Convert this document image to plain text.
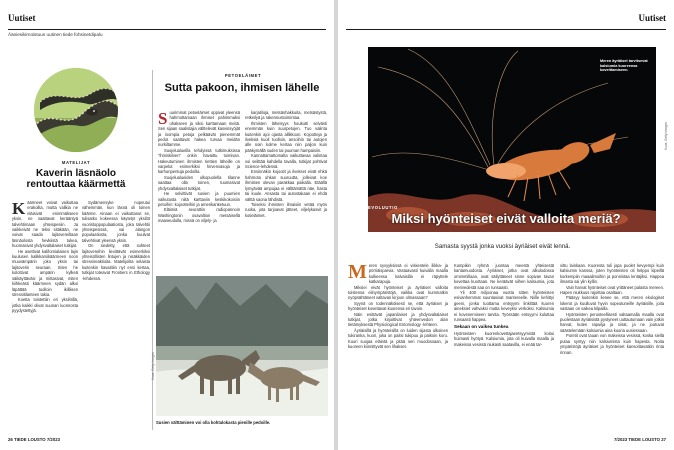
Uutiset
Ääniesikirnoistuun uutinen tiede fohsinetdipalu
MATELIJAT
Kaverin läsnäolo rentouttaa käärmettä

Käärmeet voivat vaikuttaa erakoilta, mutta valikia ne eläisivät enimmäkseen yksin, ne saattavat kerääntyä talvehtimaan yhteispesiin. Ja vaikkeivät ne teksi sitäkään, ne voivat saada lajitovereiltaan läsnäolosta hevkiistä tukea, huomasivat yhdysvaltalaiset tutkijat.

He asettivat kalifornialaisen lajin kuulusen kalikkarsikäärmeen noon muuvämpärin joko yksin tai lajitoverin seuraan. Siten he kolottivat ampärin kylkeä säikäyttäväsi ja mittasivat, miten kiihkeästi käärmeen sydän alkoi läpättää tuolloin ikilliisen stressitilanteen takia.

Koetta toistettiin eri yksilöillä, jotka kaikki olivat suunan luonnosta pyydystettyjä.

Sydämensyke nopeutui vähemmän, kun läsnä oli toinen käärme. Ainaan ei vaikuttanut se, tulisatko kokeessa käytetyt yksilöt vuoristoppopulaatiosta, joka talvehtii yhteispesissä, vai alangon populaatiosta, jonka kuulvat talvehtivat yleensä yksin.

On siedetty, että suhteet lajitovereihin lievittävät esimerkiksi yhteisöllisten lintujen ja nisäkkäiden stressireaktioita. Matelijoilta selaista kuitenkin havaittiin nyt ensi kertaa, tutkijat toteavat Frontiers in Ethology -lehdessä.

PETOELÄIMET
Sutta pakoon, ihmisen lähelle

Suurimmat petoeläimet oppivat yleensä hahmottamaan ihmiset pahimmaksi uhakseen ja siksi karttamaan meitä. Sen sijaan saalistajia välttelevät kasvinsyöjät ja isompia petoja pelkäävät pienemmät pedot saattavat hakea turvaa meidän nurkiltamme.

Suojelualueilla tehdyissä tutkimuksissa "ihmiskilven" onkin havaittu toimivan. Hakeutuminen ihmisten tiettien läheille on varpelut esimerkiksi hirvenvasoja ja karhunpentuja pedoilta.

Suojelualueiden ulkopuolella tilanne saattaa olla toinen, tuumasivat yhdysvaltalaiset tutkijat.

He selvittivät susien ja puumien vaikutusta niitä karttaviin keskikokoisiin petoihin: kojootteihin ja amerikanketuun.

Eläimiä seurattiin radiopannoin Washingtonin osavaltion metsäisellä maaseudulla, missä on viljely- ja

karjatiloja, metsänhakkuita, metsästystä, retkeilyä ja rakennustoimintaa.

Ihmisten läheisyys houkutti selvästi enemmän kuin suurpetojen. Tuo valinta kuitenkin ajoi ojasta allikkoon. Kojootteja ja ilveksiä kuoli tuolloin, ansoihin tai autojen alle noin kolme kertaa niin paljon kuin pääkymällä suden tai puuman hampaisiin.

Kannattamattomalta vaikuttavaa valintaa voi selittää kahdella tavalla, tutkijat pohtivat Science-lehdessä.

Ensinnäkin kojootit ja ilvekset eivät ehkä hahmota uhkan suuruutta, jolleivat koe ihmisten olevan parakkaa paikalla. Etäällä lymyävää ampujaa ei välttämättä näe, hasta tai kuule. Ansasta tai autostakaan ei ehdä välttä saona lähdistä.

Toiseksi ihmisten ilmaisiin vetää myös ruoka, jota tarjoavat jätteet, viljelykasvit ja kotieläimet.

Susien välttäminen voi olla kohtalokasta pienille pedoille.
Kuva: Getty Images
26 TIEDE LOUSTO 7/2023
Uutiset
Meren äyriäiset tarvitsevat kalsiumia kuoreensa koveittamiseen.
EVOLUUTIO
Miksi hyönteiset eivät valloita meriä?
Samasta syystä jonka vuoksi äyriäiset eivät lennä.

Meren syvyyksissä ei viskentele ilikka- ja pörriäisparvia. Vastaavasti kuivalla maalla kulkeessa kalvaisilla ei räpyttele katkarapuja.

Miksiei eivät hyönteiset ja äyriäiset valloita toistensa elinympäristöjä, vaikka ovat kummatkin nyöpsähtäneet valtavan kirjoon olmassaan?

Syynä on todennäköisesti se, että äyriäiset ja hyönteiset kovettavat kuorensa eri tavoin.

Näin esittävät japanilaiset ja yhdysvaltalaiset tutkijat, jotka kirjoittivat yhteenvedon alan tietämyksestä Physiological Entomology -lehteen.

Äyriäisillä ja hyönteisillä on luiden sijasta ulkoinen tukiranka, kuori, joka on paitsi tukipuu ja paikoin koru. Kuori suojaa eläintä ja pitää sen muodossaan, ja kuoreen kiinnittyvät sen lihakset.

Kumpikin ryhmä juontaa meestä yhteisestä kantamuodosta. Äyriäiset, jotka ovat alkulodossa omimmillaan, ovat säilyttäneet sinne sopivan tavan kovettaa kuortaan. Ne keräävät siihen kalsiumia, jota merivedestä saa on runsaasti.

Yli 400 miljoonaa vuotta sitten hyönteisten esivanhemmat suuntasivat mantereelle. Niille kehittyi geeni, jonka tuottama entsyymi linkittää kuoren aineksiet vahvaksi mutta keveyksi verkoksi. Kalsiumia ei kovenemiseen tarvita. Työssään entsyymi kuluttaa runsaasti happea.

Sekaan on vaikea tunkea

Hyönteisten kuorenkovettajaentsyymistä koitui huimasti hyötyä. Kalsiumia, jota oli kuivalla maalla ja makeissa vesissä niukasti saatavilla, ei enää tar-

vittu lainkaan. Kuoresta tuli jopa puolet kevyempi kuin kalsiumin kanssa, joten hyönteisten oli helppo kipeillä korkempiin maaailmoihin ja ponnistaa lentäjiksi. Happea ilmasta sai ylin kyllin.

Vain harvat hyönteiset ovat yrittäneet palasta mereen. Hapen niukkuus rajoittaa osaltaan.

Pääsyy kuitenkin lienee se, että meren ekologiset lokerot ja kuulluvat hyvin sopeutuneille äyriäisille, joita vastaan on vaikea kilpailla.

Hyönteisten perusteellisesti valtaamalla maalla ovat puolestaan äyriäisistä pystyneet uuttautumaan vain jotkin harvat, kuten rapuilja ja siirat, ja ne joutuvat säästelemään kalsiumia aina kuoria uusiessaan.

Puretit ovat tauan von makeissa vesissä, koska siellä pulaa syntyy niin kalsiumista kuin hapesta. Noita ympäristöjä äyriäiset ja hyönteiset kansoittavatkin rinta rinnan.

Kuva: Getty Images
7/2023 TIEDE LOUSTO 27
